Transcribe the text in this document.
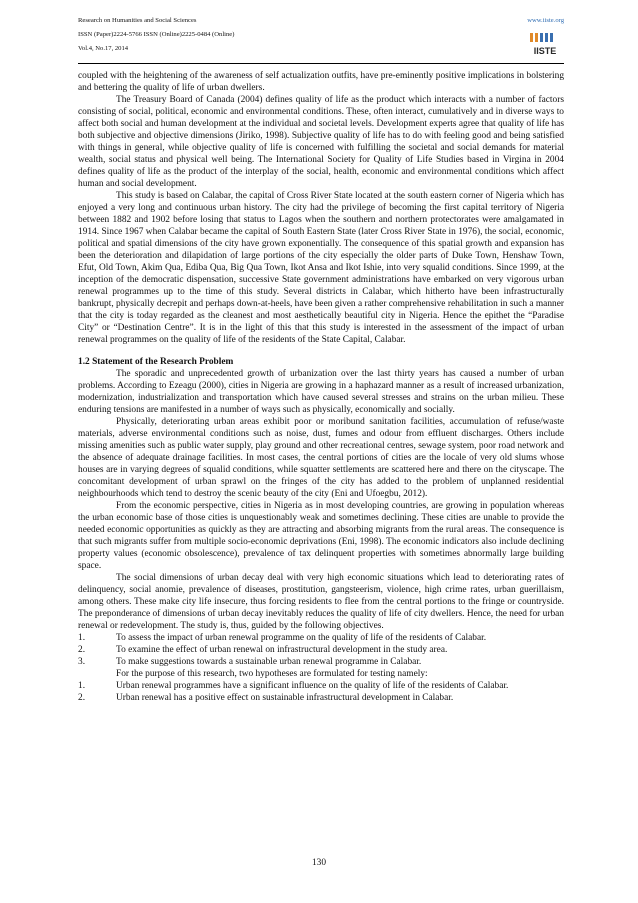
Research on Humanities and Social Sciences
ISSN (Paper)2224-5766 ISSN (Online)2225-0484 (Online)
Vol.4, No.17, 2014
www.iiste.org
IISTE

coupled with the heightening of the awareness of self actualization outfits, have pre-eminently positive implications in bolstering and bettering the quality of life of urban dwellers.

The Treasury Board of Canada (2004) defines quality of life as the product which interacts with a number of factors consisting of social, political, economic and environmental conditions. These, often interact, cumulatively and in diverse ways to affect both social and human development at the individual and societal levels. Development experts agree that quality of life has both subjective and objective dimensions (Jiriko, 1998). Subjective quality of life has to do with feeling good and being satisfied with things in general, while objective quality of life is concerned with fulfilling the societal and social demands for material wealth, social status and physical well being. The International Society for Quality of Life Studies based in Virgina in 2004 defines quality of life as the product of the interplay of the social, health, economic and environmental conditions which affect human and social development.

This study is based on Calabar, the capital of Cross River State located at the south eastern corner of Nigeria which has enjoyed a very long and continuous urban history. The city had the privilege of becoming the first capital territory of Nigeria between 1882 and 1902 before losing that status to Lagos when the southern and northern protectorates were amalgamated in 1914. Since 1967 when Calabar became the capital of South Eastern State (later Cross River State in 1976), the social, economic, political and spatial dimensions of the city have grown exponentially. The consequence of this spatial growth and expansion has been the deterioration and dilapidation of large portions of the city especially the older parts of Duke Town, Henshaw Town, Efut, Old Town, Akim Qua, Ediba Qua, Big Qua Town, Ikot Ansa and Ikot Ishie, into very squalid conditions. Since 1999, at the inception of the democratic dispensation, successive State government administrations have embarked on very vigorous urban renewal programmes up to the time of this study. Several districts in Calabar, which hitherto have been infrastructurally bankrupt, physically decrepit and perhaps down-at-heels, have been given a rather comprehensive rehabilitation in such a manner that the city is today regarded as the cleanest and most aesthetically beautiful city in Nigeria. Hence the epithet the “Paradise City” or “Destination Centre”. It is in the light of this that this study is interested in the assessment of the impact of urban renewal programmes on the quality of life of the residents of the State Capital, Calabar.

1.2 Statement of the Research Problem

The sporadic and unprecedented growth of urbanization over the last thirty years has caused a number of urban problems. According to Ezeagu (2000), cities in Nigeria are growing in a haphazard manner as a result of increased urbanization, modernization, industrialization and transportation which have caused several stresses and strains on the urban milieu. These enduring tensions are manifested in a number of ways such as physically, economically and socially.

Physically, deteriorating urban areas exhibit poor or moribund sanitation facilities, accumulation of refuse/waste materials, adverse environmental conditions such as noise, dust, fumes and odour from effluent discharges. Others include missing amenities such as public water supply, play ground and other recreational centres, sewage system, poor road network and the absence of adequate drainage facilities. In most cases, the central portions of cities are the locale of very old slums whose houses are in varying degrees of squalid conditions, while squatter settlements are scattered here and there on the cityscape. The concomitant development of urban sprawl on the fringes of the city has added to the problem of unplanned residential neighbourhoods which tend to destroy the scenic beauty of the city (Eni and Ufoegbu, 2012).

From the economic perspective, cities in Nigeria as in most developing countries, are growing in population whereas the urban economic base of those cities is unquestionably weak and sometimes declining. These cities are unable to provide the needed economic opportunities as quickly as they are attracting and absorbing migrants from the rural areas. The consequence is that such migrants suffer from multiple socio-economic deprivations (Eni, 1998). The economic indicators also include declining property values (economic obsolescence), prevalence of tax delinquent properties with sometimes abnormally large building space.

The social dimensions of urban decay deal with very high economic situations which lead to deteriorating rates of delinquency, social anomie, prevalence of diseases, prostitution, gangsteerism, violence, high crime rates, urban guerillaism, among others. These make city life insecure, thus forcing residents to flee from the central portions to the fringe or countryside. The preponderance of dimensions of urban decay inevitably reduces the quality of life of city dwellers. Hence, the need for urban renewal or redevelopment. The study is, thus, guided by the following objectives.

1.	To assess the impact of urban renewal programme on the quality of life of the residents of Calabar.
2.	To examine the effect of urban renewal on infrastructural development in the study area.
3.	To make suggestions towards a sustainable urban renewal programme in Calabar.

For the purpose of this research, two hypotheses are formulated for testing namely:

1.	Urban renewal programmes have a significant influence on the quality of life of the residents of Calabar.
2.	Urban renewal has a positive effect on sustainable infrastructural development in Calabar.
130
